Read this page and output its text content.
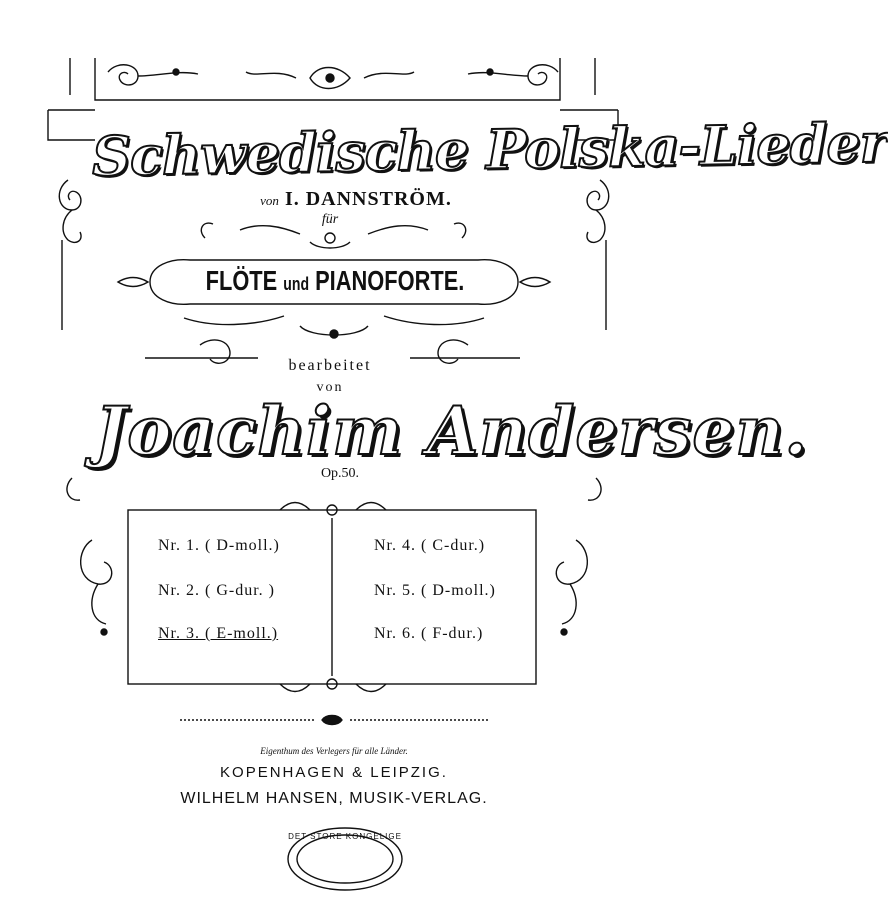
Schwedische Polska-Lieder
von I. DANNSTRÖM.
für
FLÖTE und PIANOFORTE.
bearbeitet
von
Joachim Andersen.
Op.50.
Nr. 1. ( D-moll.)
Nr. 2. ( G-dur. )
Nr. 3. ( E-moll.)
Nr. 4. ( C-dur.)
Nr. 5. ( D-moll.)
Nr. 6. ( F-dur.)
Eigenthum des Verlegers für alle Länder.
KOPENHAGEN & LEIPZIG.
WILHELM HANSEN, MUSIK-VERLAG.
DET STORE KONGELIGE
